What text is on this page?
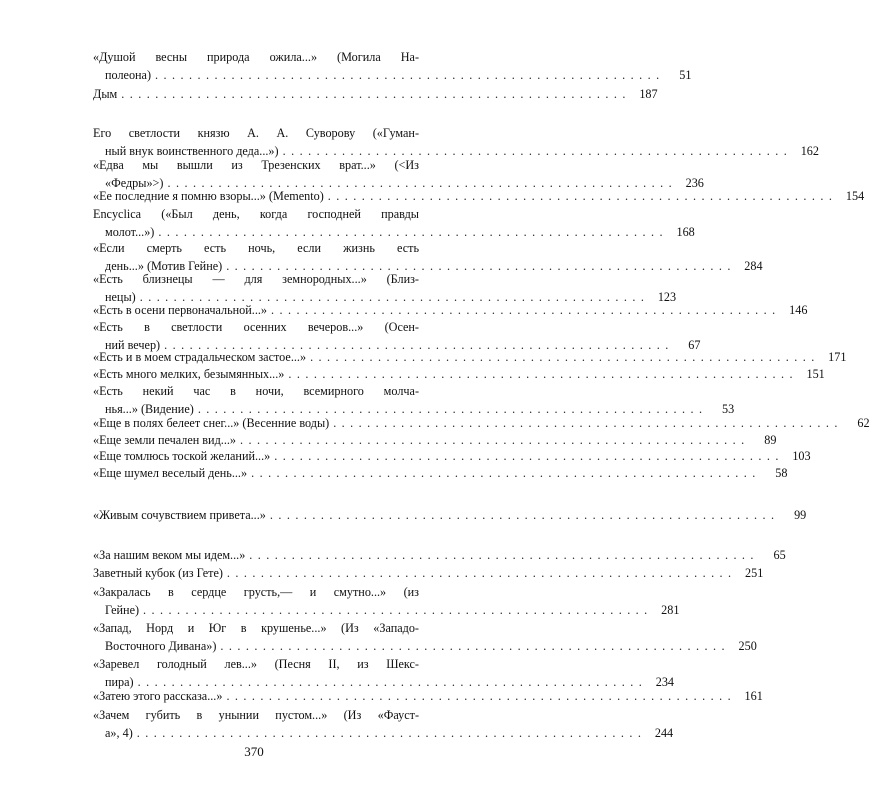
«Душой весны природа ожила...» (Могила На-
полеона) . . . . . . . . . . . . . . . . . . . . . . . . . . . . . . . . . . . . . . . . . . . . . . . . . . . . . . . . . . . .	51
Дым . . . . . . . . . . . . . . . . . . . . . . . . . . . . . . . . . . . . . . . . . . . . . . . . . . . . . . . . . . . .	187
Его светлости князю А. А. Суворову («Гуман-
ный внук воинственного деда...») . . . . . . . . . . . . . . . . . . . . . . . . . . . . . . . . . . . . . . . . . . . . . . . . . . . . . . . . . . . .	162
«Едва мы вышли из Трезенских врат...» (<Из
«Федры»>) . . . . . . . . . . . . . . . . . . . . . . . . . . . . . . . . . . . . . . . . . . . . . . . . . . . . . . . . . . . .	236
«Ее последние я помню взоры...» (Memento) . . . . . . . . . . . . . . . . . . . . . . . . . . . . . . . . . . . . . . . . . . . . . . . . . . . . . . . . . . . .	154
Encyclica («Был день, когда господней правды
молот...») . . . . . . . . . . . . . . . . . . . . . . . . . . . . . . . . . . . . . . . . . . . . . . . . . . . . . . . . . . . .	168
«Если смерть есть ночь, если жизнь есть
день...» (Мотив Гейне) . . . . . . . . . . . . . . . . . . . . . . . . . . . . . . . . . . . . . . . . . . . . . . . . . . . . . . . . . . . .	284
«Есть близнецы — для земнородных...» (Близ-
нецы) . . . . . . . . . . . . . . . . . . . . . . . . . . . . . . . . . . . . . . . . . . . . . . . . . . . . . . . . . . . .	123
«Есть в осени первоначальной...» . . . . . . . . . . . . . . . . . . . . . . . . . . . . . . . . . . . . . . . . . . . . . . . . . . . . . . . . . . . .	146
«Есть в светлости осенних вечеров...» (Осен-
ний вечер) . . . . . . . . . . . . . . . . . . . . . . . . . . . . . . . . . . . . . . . . . . . . . . . . . . . . . . . . . . . .	67
«Есть и в моем страдальческом застое...» . . . . . . . . . . . . . . . . . . . . . . . . . . . . . . . . . . . . . . . . . . . . . . . . . . . . . . . . . . . .	171
«Есть много мелких, безымянных...» . . . . . . . . . . . . . . . . . . . . . . . . . . . . . . . . . . . . . . . . . . . . . . . . . . . . . . . . . . . .	151
«Есть некий час в ночи, всемирного молча-
нья...» (Видение) . . . . . . . . . . . . . . . . . . . . . . . . . . . . . . . . . . . . . . . . . . . . . . . . . . . . . . . . . . . .	53
«Еще в полях белеет снег...» (Весенние воды) . . . . . . . . . . . . . . . . . . . . . . . . . . . . . . . . . . . . . . . . . . . . . . . . . . . . . . . . . . . .	62
«Еще земли печален вид...» . . . . . . . . . . . . . . . . . . . . . . . . . . . . . . . . . . . . . . . . . . . . . . . . . . . . . . . . . . . .	89
«Еще томлюсь тоской желаний...» . . . . . . . . . . . . . . . . . . . . . . . . . . . . . . . . . . . . . . . . . . . . . . . . . . . . . . . . . . . .	103
«Еще шумел веселый день...» . . . . . . . . . . . . . . . . . . . . . . . . . . . . . . . . . . . . . . . . . . . . . . . . . . . . . . . . . . . .	58
«Живым сочувствием привета...» . . . . . . . . . . . . . . . . . . . . . . . . . . . . . . . . . . . . . . . . . . . . . . . . . . . . . . . . . . . .	99
«За нашим веком мы идем...» . . . . . . . . . . . . . . . . . . . . . . . . . . . . . . . . . . . . . . . . . . . . . . . . . . . . . . . . . . . .	65
Заветный кубок (из Гете) . . . . . . . . . . . . . . . . . . . . . . . . . . . . . . . . . . . . . . . . . . . . . . . . . . . . . . . . . . . .	251
«Закралась в сердце грусть,— и смутно...» (из
Гейне) . . . . . . . . . . . . . . . . . . . . . . . . . . . . . . . . . . . . . . . . . . . . . . . . . . . . . . . . . . . .	281
«Запад, Норд и Юг в крушенье...» (Из «Западо-
Восточного Дивана») . . . . . . . . . . . . . . . . . . . . . . . . . . . . . . . . . . . . . . . . . . . . . . . . . . . . . . . . . . . .	250
«Заревел голодный лев...» (Песня II, из Шекс-
пира) . . . . . . . . . . . . . . . . . . . . . . . . . . . . . . . . . . . . . . . . . . . . . . . . . . . . . . . . . . . .	234
«Затею этого рассказа...» . . . . . . . . . . . . . . . . . . . . . . . . . . . . . . . . . . . . . . . . . . . . . . . . . . . . . . . . . . . .	161
«Зачем губить в унынии пустом...» (Из «Фауст-
а», 4) . . . . . . . . . . . . . . . . . . . . . . . . . . . . . . . . . . . . . . . . . . . . . . . . . . . . . . . . . . . .	244
370
